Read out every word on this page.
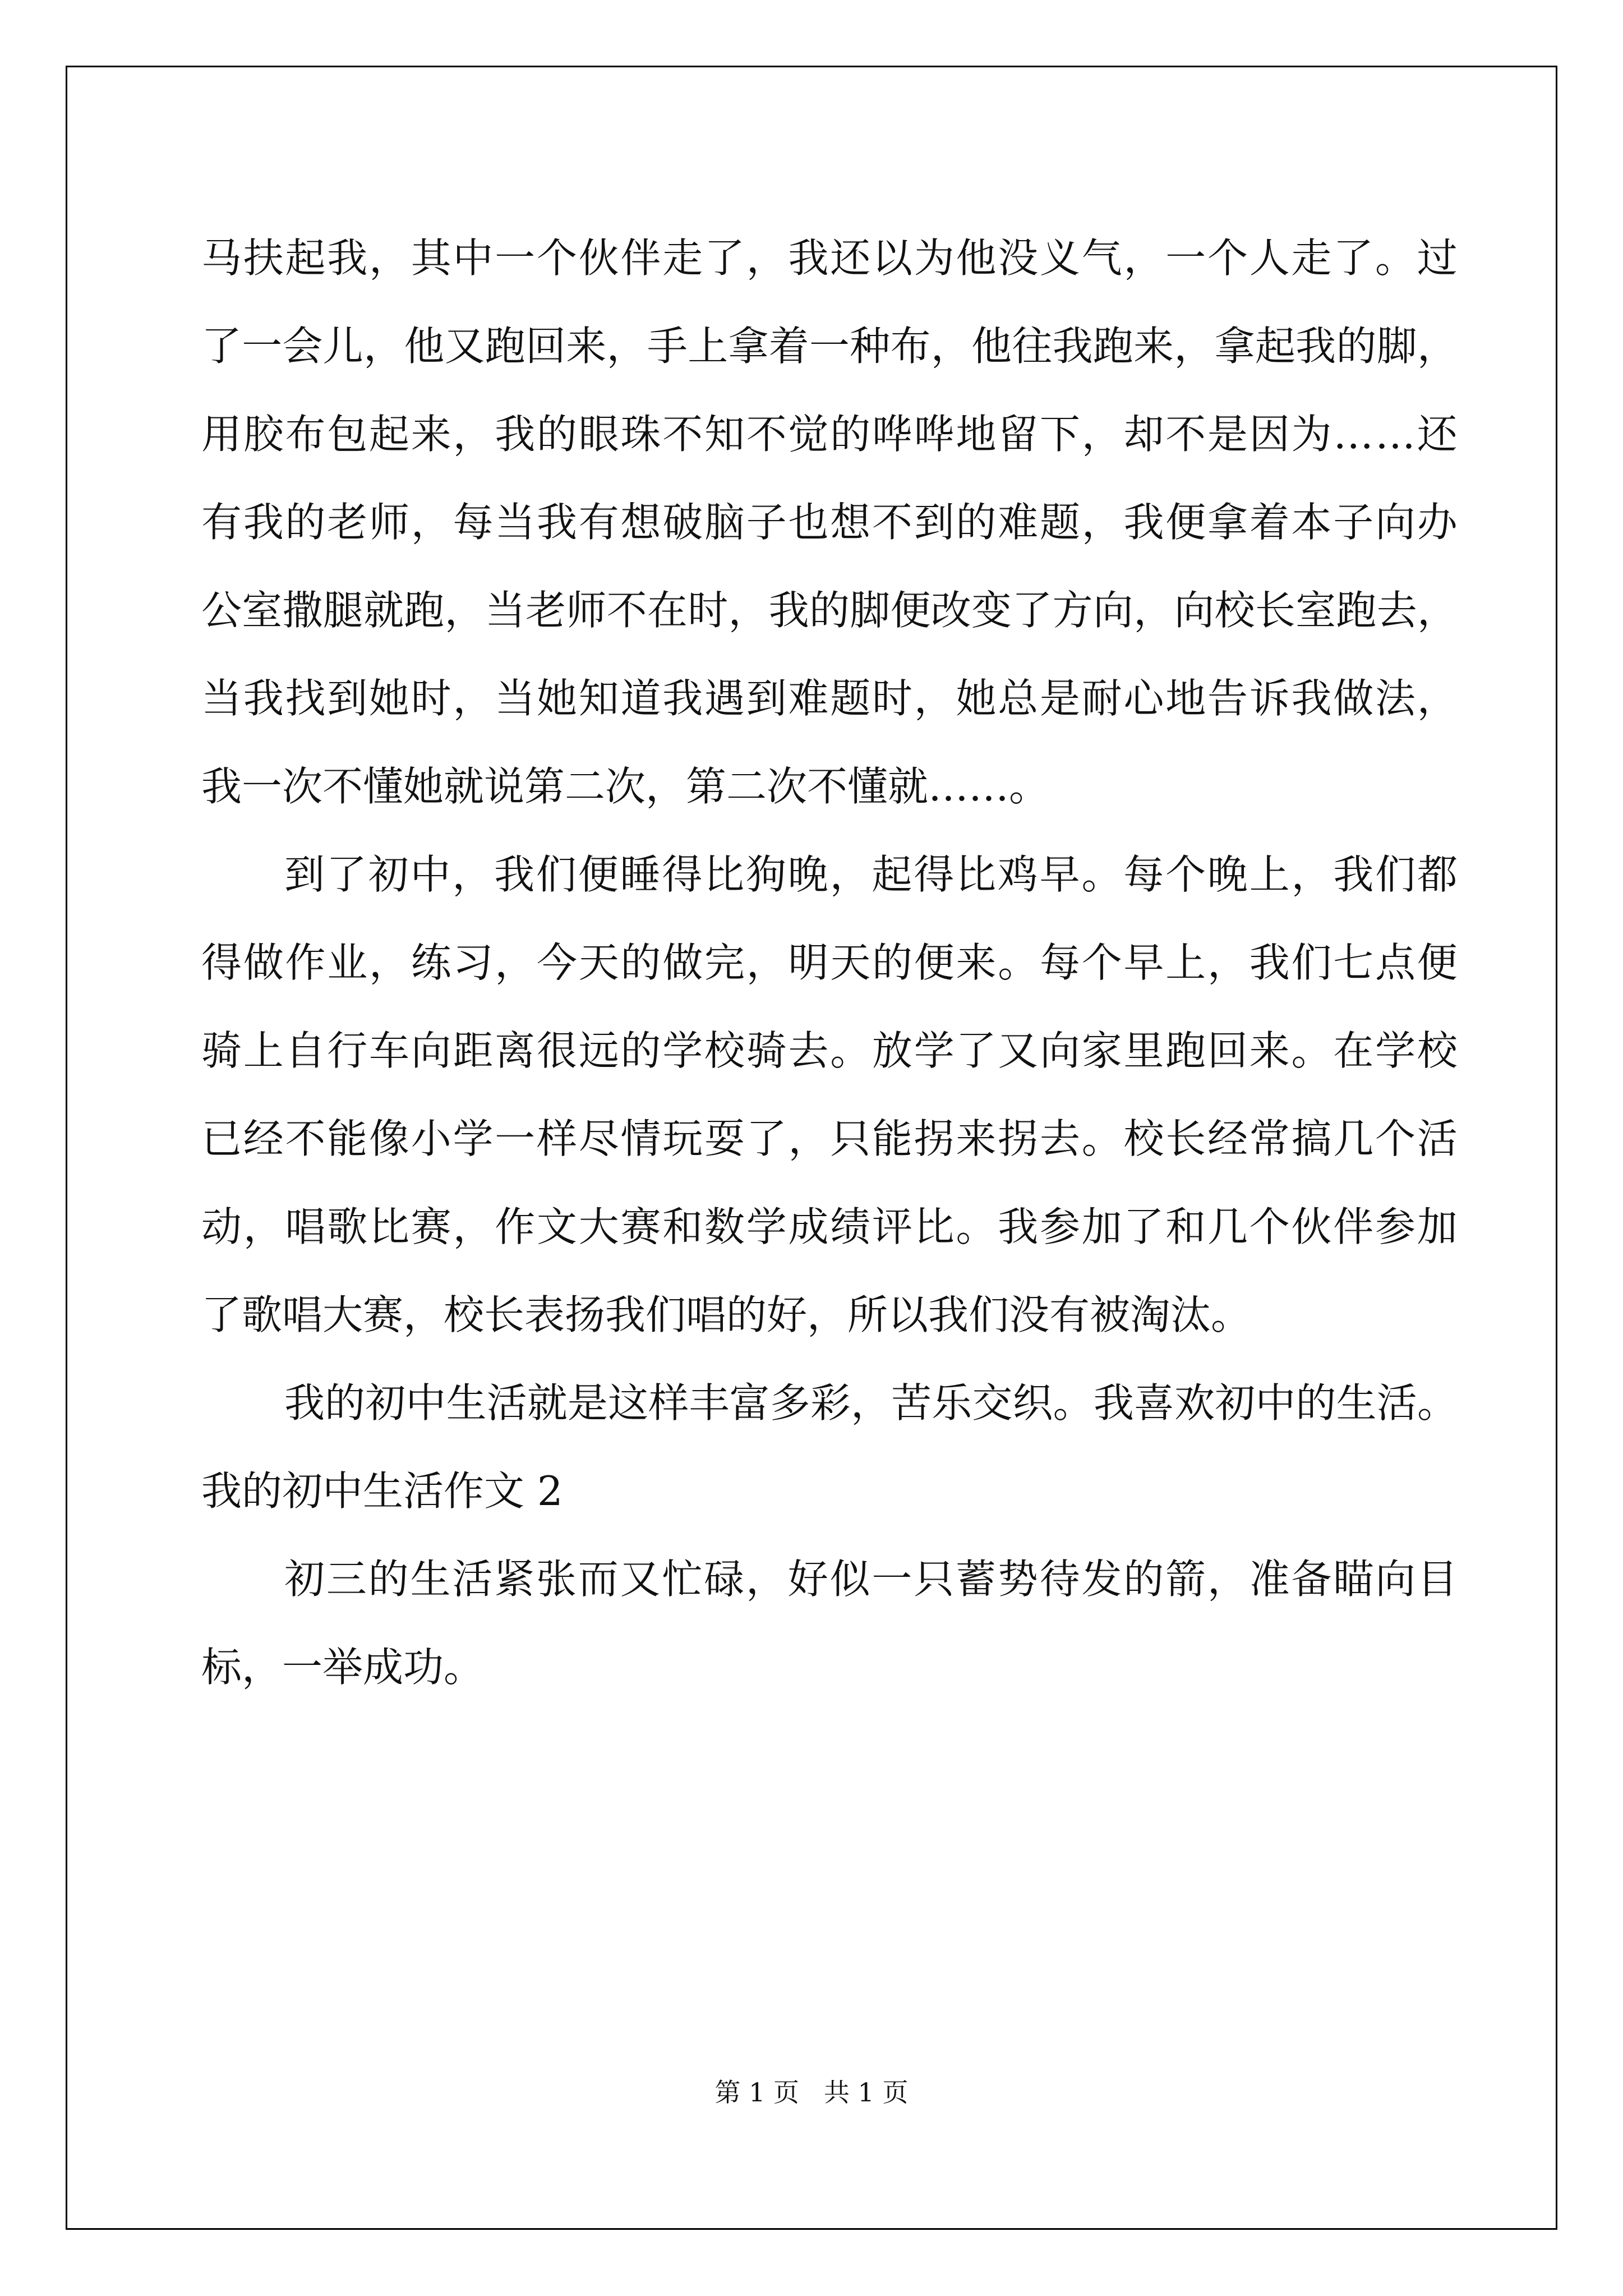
马 扶 起 我 ， 其 中 一 个 伙 伴 走 了 ， 我 还 以 为 他 没 义 气 ， 一 个 人 走 了 。 过
了 一 会 儿 ， 他 又 跑 回 来 ， 手 上 拿 着 一 种 布 ， 他 往 我 跑 来 ， 拿 起 我 的 脚 ，
用 胶 布 包 起 来 ， 我 的 眼 珠 不 知 不 觉 的 哗 哗 地 留 下 ， 却 不 是 因 为 … … 还
有 我 的 老 师 ， 每 当 我 有 想 破 脑 子 也 想 不 到 的 难 题 ， 我 便 拿 着 本 子 向 办
公 室 撒 腿 就 跑 ， 当 老 师 不 在 时 ， 我 的 脚 便 改 变 了 方 向 ， 向 校 长 室 跑 去 ，
当 我 找 到 她 时 ， 当 她 知 道 我 遇 到 难 题 时 ， 她 总 是 耐 心 地 告 诉 我 做 法 ，
我一次不懂她就说第二次，第二次不懂就……。
到 了 初 中 ， 我 们 便 睡 得 比 狗 晚 ， 起 得 比 鸡 早 。 每 个 晚 上 ， 我 们 都
得 做 作 业 ， 练 习 ， 今 天 的 做 完 ， 明 天 的 便 来 。 每 个 早 上 ， 我 们 七 点 便
骑 上 自 行 车 向 距 离 很 远 的 学 校 骑 去 。 放 学 了 又 向 家 里 跑 回 来 。 在 学 校
已 经 不 能 像 小 学 一 样 尽 情 玩 耍 了 ， 只 能 拐 来 拐 去 。 校 长 经 常 搞 几 个 活
动 ， 唱 歌 比 赛 ， 作 文 大 赛 和 数 学 成 绩 评 比 。 我 参 加 了 和 几 个 伙 伴 参 加
了歌唱大赛，校长表扬我们唱的好，所以我们没有被淘汰。
我 的 初 中 生 活 就 是 这 样 丰 富 多 彩 ， 苦 乐 交 织 。 我 喜 欢 初 中 的 生 活 。
我的初中生活作文 2
初 三 的 生 活 紧 张 而 又 忙 碌 ， 好 似 一 只 蓄 势 待 发 的 箭 ， 准 备 瞄 向 目
标，一举成功。
第 1 页 共 1 页
